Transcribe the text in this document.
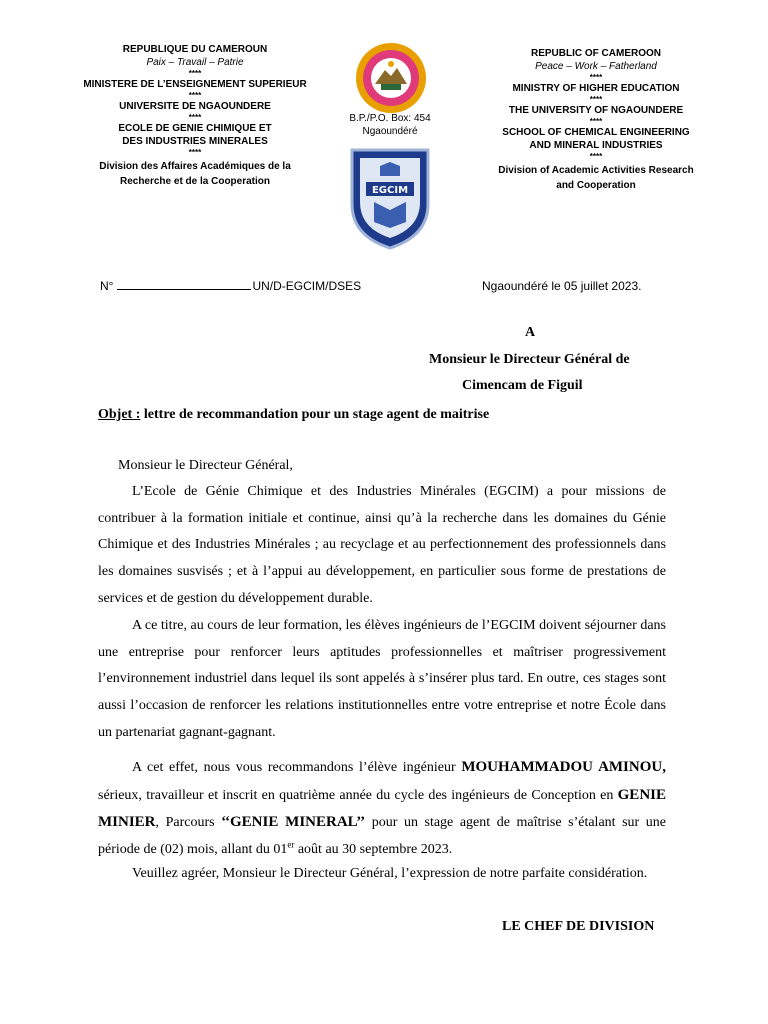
REPUBLIQUE DU CAMEROUN
Paix – Travail – Patrie
****
MINISTERE DE L’ENSEIGNEMENT SUPERIEUR
****
UNIVERSITE DE NGAOUNDERE
****
ECOLE DE GENIE CHIMIQUE ET DES INDUSTRIES MINERALES
****
Division des Affaires Académiques de la Recherche et de la Cooperation
B.P./P.O. Box: 454
Ngaoundéré
EGCIM
REPUBLIC OF CAMEROON
Peace – Work – Fatherland
****
MINISTRY OF HIGHER EDUCATION
****
THE UNIVERSITY OF NGAOUNDERE
****
SCHOOL OF CHEMICAL ENGINEERING AND MINERAL INDUSTRIES
****
Division of Academic Activities Research and Cooperation
N°	UN/D-EGCIM/DSES	Ngaoundéré le 05 juillet 2023.
A
Monsieur le Directeur Général de
Cimencam de Figuil
Objet : lettre de recommandation pour un stage agent de maitrise
Monsieur le Directeur Général,
L’Ecole de Génie Chimique et des Industries Minérales (EGCIM) a pour missions de contribuer à la formation initiale et continue, ainsi qu’à la recherche dans les domaines du Génie Chimique et des Industries Minérales ; au recyclage et au perfectionnement des professionnels dans les domaines susvisés ; et à l’appui au développement, en particulier sous forme de prestations de services et de gestion du développement durable.
A ce titre, au cours de leur formation, les élèves ingénieurs de l’EGCIM doivent séjourner dans une entreprise pour renforcer leurs aptitudes professionnelles et maîtriser progressivement l’environnement industriel dans lequel ils sont appelés à s’insérer plus tard. En outre, ces stages sont aussi l’occasion de renforcer les relations institutionnelles entre votre entreprise et notre École dans un partenariat gagnant-gagnant.
A cet effet, nous vous recommandons l’élève ingénieur MOUHAMMADOU AMINOU, sérieux, travailleur et inscrit en quatrième année du cycle des ingénieurs de Conception en GENIE MINIER, Parcours ‘‘GENIE MINERAL’’ pour un stage agent de maîtrise s’étalant sur une période de (02) mois, allant du 01er août au 30 septembre 2023.
Veuillez agréer, Monsieur le Directeur Général, l’expression de notre parfaite considération.
LE CHEF DE DIVISION
